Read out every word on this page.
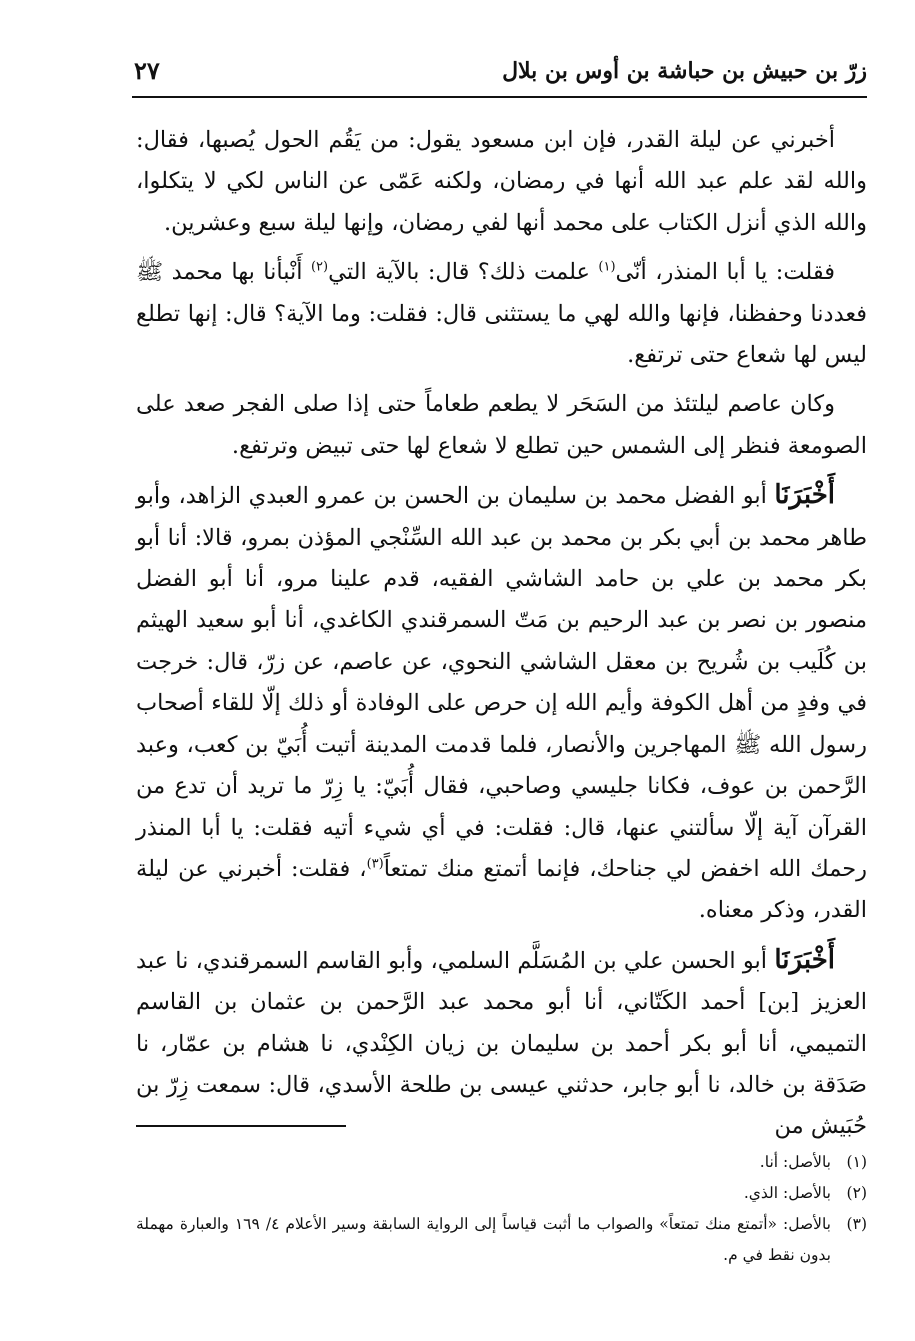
زرّ بن حبيش بن حباشة بن أوس بن بلال
٢٧

أخبرني عن ليلة القدر، فإن ابن مسعود يقول: من يَقُم الحول يُصبها، فقال: والله لقد علم عبد الله أنها في رمضان، ولكنه عَمّى عن الناس لكي لا يتكلوا، والله الذي أنزل الكتاب على محمد أنها لفي رمضان، وإنها ليلة سبع وعشرين.

فقلت: يا أبا المنذر، أنّى$^{(١)}$ علمت ذلك؟ قال: بالآية التي$^{(٢)}$ أَنْبأنا بها محمد ﷺ فعددنا وحفظنا، فإنها والله لهي ما يستثنى قال: فقلت: وما الآية؟ قال: إنها تطلع ليس لها شعاع حتى ترتفع.

وكان عاصم ليلتئذ من السَحَر لا يطعم طعاماً حتى إذا صلى الفجر صعد على الصومعة فنظر إلى الشمس حين تطلع لا شعاع لها حتى تبيض وترتفع.

أَخْبَرَنَا أبو الفضل محمد بن سليمان بن الحسن بن عمرو العبدي الزاهد، وأبو طاهر محمد بن أبي بكر بن محمد بن عبد الله السِّنْجي المؤذن بمرو، قالا: أنا أبو بكر محمد بن علي بن حامد الشاشي الفقيه، قدم علينا مرو، أنا أبو الفضل منصور بن نصر بن عبد الرحيم بن مَتّ السمرقندي الكاغدي، أنا أبو سعيد الهيثم بن كُلَيب بن شُريح بن معقل الشاشي النحوي، عن عاصم، عن زرّ، قال: خرجت في وفدٍ من أهل الكوفة وأيم الله إن حرص على الوفادة أو ذلك إلّا للقاء أصحاب رسول الله ﷺ المهاجرين والأنصار، فلما قدمت المدينة أتيت أُبَيّ بن كعب، وعبد الرَّحمن بن عوف، فكانا جليسي وصاحبي، فقال أُبَيّ: يا زِرّ ما تريد أن تدع من القرآن آية إلّا سألتني عنها، قال: فقلت: في أي شيء أتيه فقلت: يا أبا المنذر رحمك الله اخفض لي جناحك، فإنما أتمتع منك تمتعاً$^{(٣)}$، فقلت: أخبرني عن ليلة القدر، وذكر معناه.

أَخْبَرَنَا أبو الحسن علي بن المُسَلَّم السلمي، وأبو القاسم السمرقندي، نا عبد العزيز [بن] أحمد الكَتّاني، أنا أبو محمد عبد الرَّحمن بن عثمان بن القاسم التميمي، أنا أبو بكر أحمد بن سليمان بن زيان الكِنْدي، نا هشام بن عمّار، نا صَدَقة بن خالد، نا أبو جابر، حدثني عيسى بن طلحة الأسدي، قال: سمعت زِرّ بن حُبَيش من

(١)
بالأصل: أنا.
(٢)
بالأصل: الذي.
(٣)
بالأصل: «أتمتع منك تمتعاً» والصواب ما أثبت قياساً إلى الرواية السابقة وسير الأعلام ٤/ ١٦٩ والعبارة مهملة بدون نقط في م.
